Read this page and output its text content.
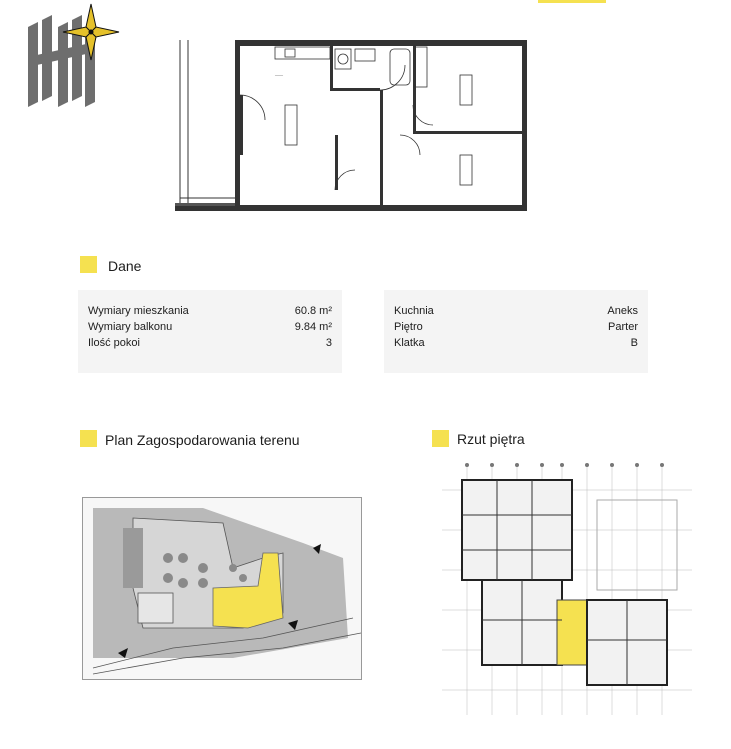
____
Dane
Wymiary mieszkania	60.8 m²
Wymiary balkonu	9.84 m²
Ilość pokoi	3
Kuchnia	Aneks
Piętro	Parter
Klatka	B
Plan Zagospodarowania terenu	Rzut piętra
